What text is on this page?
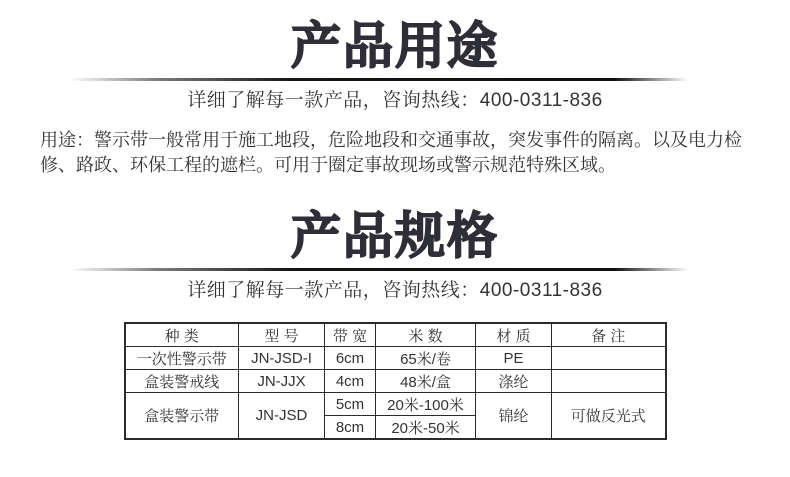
产品用途
详细了解每一款产品，咨询热线：400-0311-836

用途：警示带一般常用于施工地段，危险地段和交通事故，突发事件的隔离。以及电力检修、路政、环保工程的遮栏。可用于圈定事故现场或警示规范特殊区域。

产品规格
详细了解每一款产品，咨询热线：400-0311-836
种 类	型 号	带 宽	米 数	材 质	备 注
一次性警示带	JN-JSD-I	6cm	65米/卷	PE	
盒装警戒线	JN-JJX	4cm	48米/盒	涤纶	
盒装警示带	JN-JSD	5cm	20米-100米	锦纶	可做反光式
		8cm	20米-50米		
